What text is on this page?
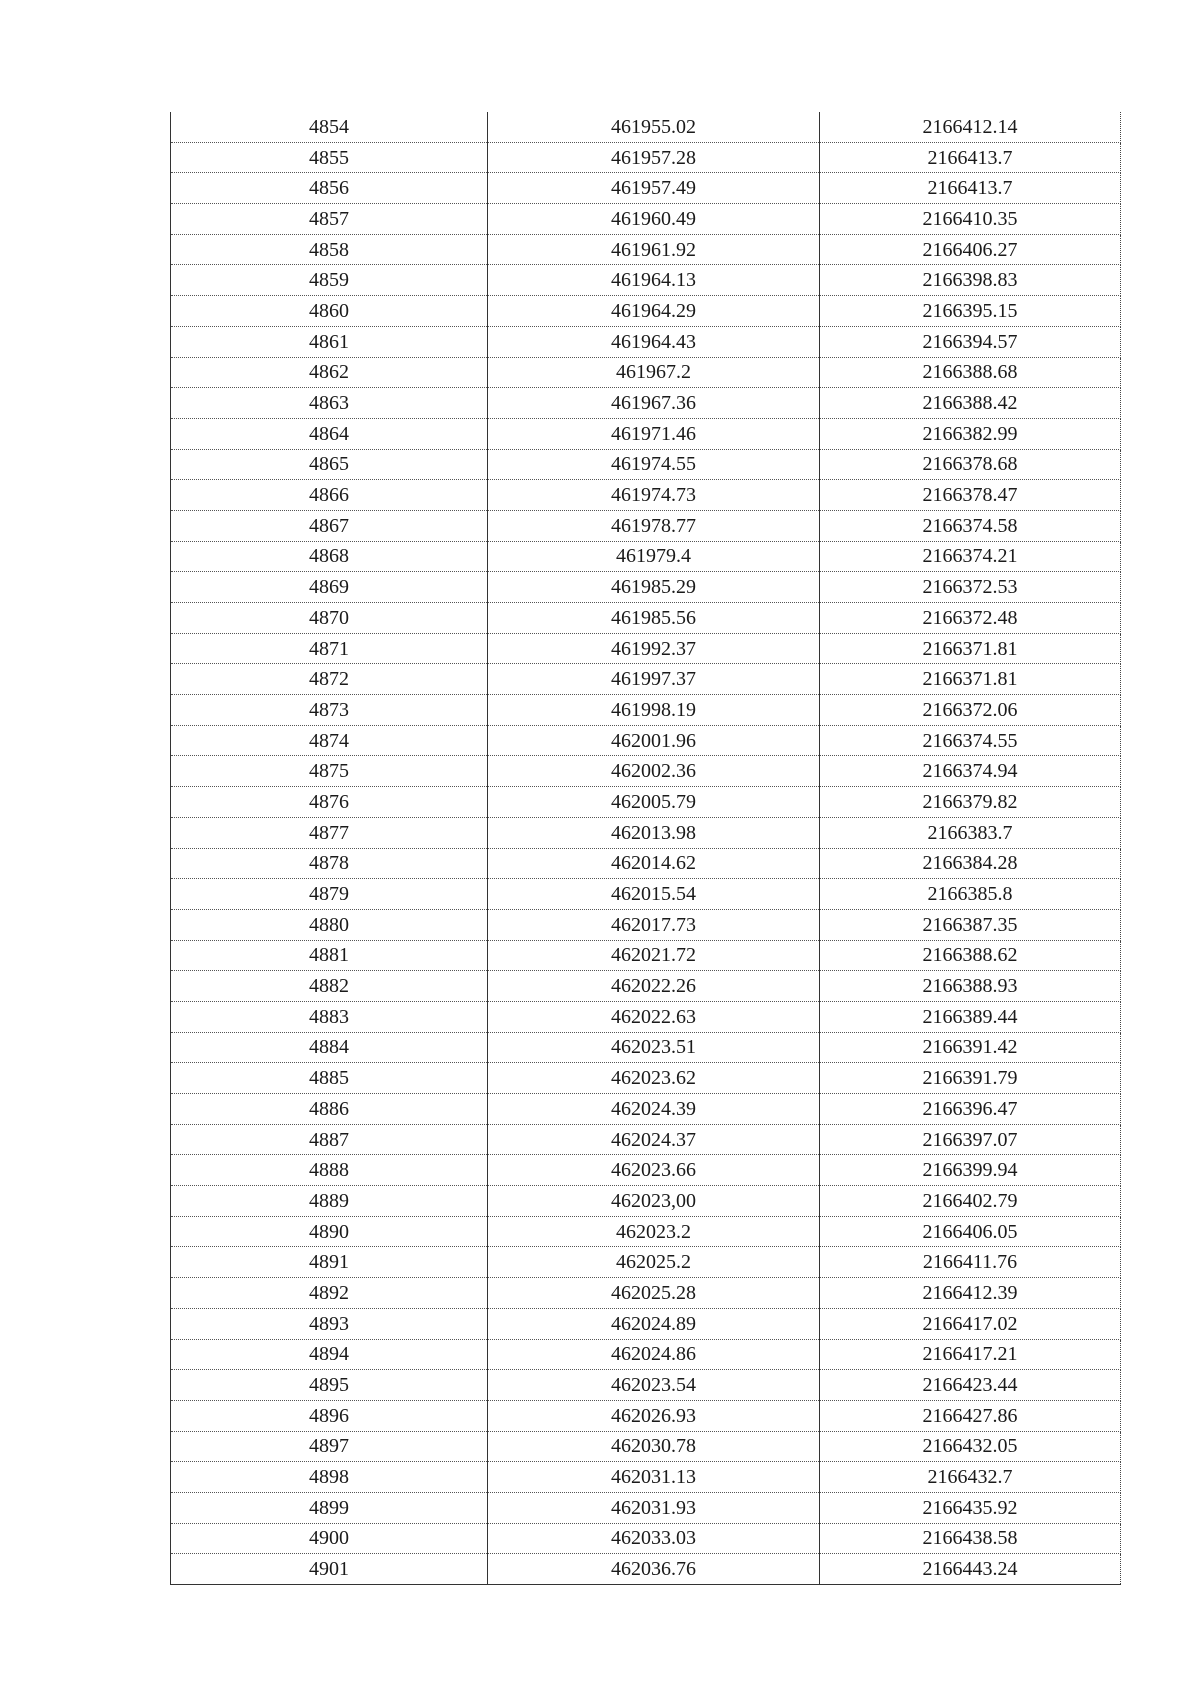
4854	461955.02	2166412.14
4855	461957.28	2166413.7
4856	461957.49	2166413.7
4857	461960.49	2166410.35
4858	461961.92	2166406.27
4859	461964.13	2166398.83
4860	461964.29	2166395.15
4861	461964.43	2166394.57
4862	461967.2	2166388.68
4863	461967.36	2166388.42
4864	461971.46	2166382.99
4865	461974.55	2166378.68
4866	461974.73	2166378.47
4867	461978.77	2166374.58
4868	461979.4	2166374.21
4869	461985.29	2166372.53
4870	461985.56	2166372.48
4871	461992.37	2166371.81
4872	461997.37	2166371.81
4873	461998.19	2166372.06
4874	462001.96	2166374.55
4875	462002.36	2166374.94
4876	462005.79	2166379.82
4877	462013.98	2166383.7
4878	462014.62	2166384.28
4879	462015.54	2166385.8
4880	462017.73	2166387.35
4881	462021.72	2166388.62
4882	462022.26	2166388.93
4883	462022.63	2166389.44
4884	462023.51	2166391.42
4885	462023.62	2166391.79
4886	462024.39	2166396.47
4887	462024.37	2166397.07
4888	462023.66	2166399.94
4889	462023,00	2166402.79
4890	462023.2	2166406.05
4891	462025.2	2166411.76
4892	462025.28	2166412.39
4893	462024.89	2166417.02
4894	462024.86	2166417.21
4895	462023.54	2166423.44
4896	462026.93	2166427.86
4897	462030.78	2166432.05
4898	462031.13	2166432.7
4899	462031.93	2166435.92
4900	462033.03	2166438.58
4901	462036.76	2166443.24
